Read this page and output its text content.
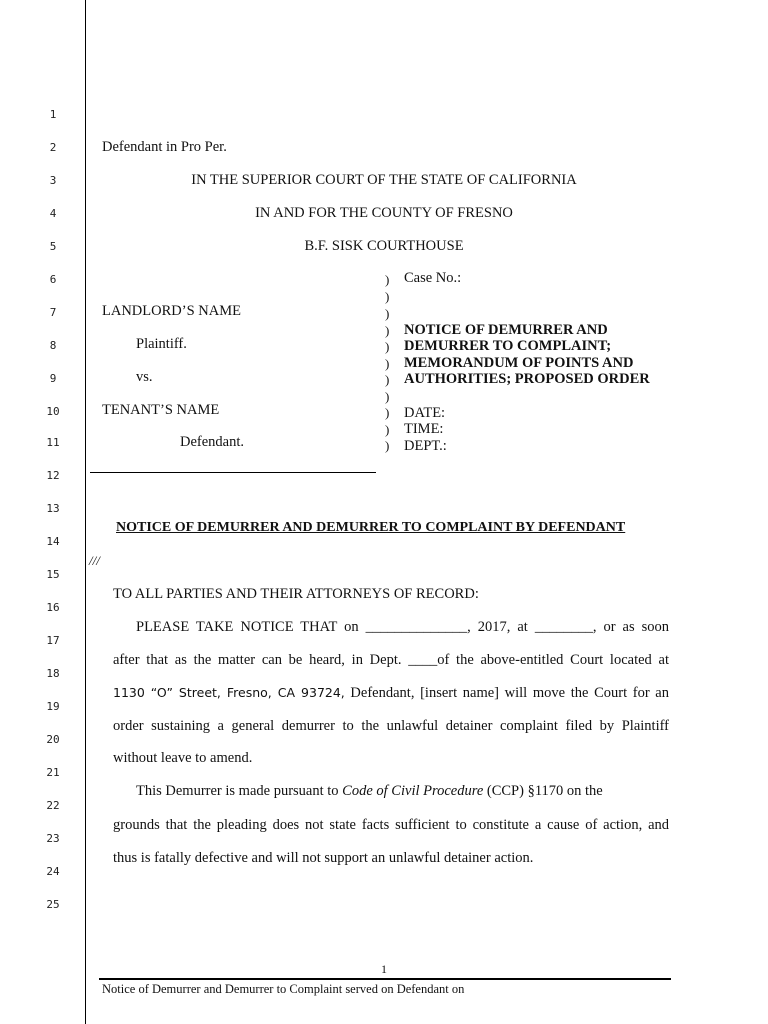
1
2
3
4
5
6
7
8
9
10
11
12
13
14
15
16
17
18
19
20
21
22
23
24
25
Defendant in Pro Per.
IN THE SUPERIOR COURT OF THE STATE OF CALIFORNIA
IN AND FOR THE COUNTY OF FRESNO
B.F. SISK COURTHOUSE
LANDLORD’S NAME
Plaintiff.
vs.
TENANT’S NAME
Defendant.
)
)
)
)
)
)
)
)
)
)
)
Case No.:
NOTICE OF DEMURRER AND
DEMURRER TO COMPLAINT;
MEMORANDUM OF POINTS AND
AUTHORITIES; PROPOSED ORDER
DATE:
TIME:
DEPT.:
NOTICE OF DEMURRER AND DEMURRER TO COMPLAINT BY DEFENDANT
///
TO ALL PARTIES AND THEIR ATTORNEYS OF RECORD:
PLEASE TAKE NOTICE THAT on ______________, 2017, at ________, or as soon
after that as the matter can be heard, in Dept. ____of the above-entitled Court located at
1130 “O” Street, Fresno, CA 93724, Defendant, [insert name] will move the Court for an
order sustaining a general demurrer to the unlawful detainer complaint filed by Plaintiff
without leave to amend.
This Demurrer is made pursuant to Code of Civil Procedure (CCP) §1170 on the
grounds that the pleading does not state facts sufficient to constitute a cause of action, and
thus is fatally defective and will not support an unlawful detainer action.
1
Notice of Demurrer and Demurrer to Complaint served on Defendant on
